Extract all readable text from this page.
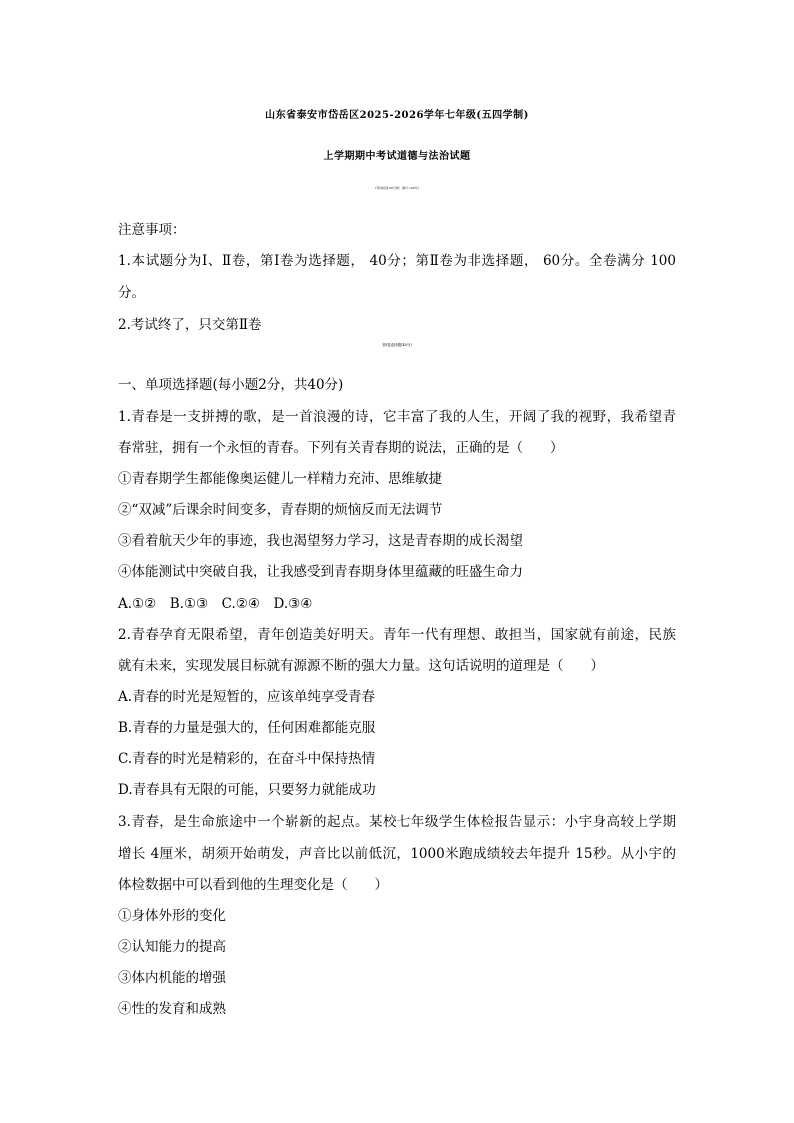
山东省泰安市岱岳区2025-2026学年七年级(五四学制)
上学期期中考试道德与法治试题
(考试时间 60分钟；满分 100分)
注意事项：
1.本试题分为Ⅰ、Ⅱ卷，第Ⅰ卷为选择题， 40分；第Ⅱ卷为非选择题， 60分。全卷满分 100
分。
2.考试终了，只交第Ⅱ卷
第Ⅰ卷选择题(40分)
一、单项选择题(每小题2分，共40分)
1.青春是一支拼搏的歌，是一首浪漫的诗，它丰富了我的人生，开阔了我的视野，我希望青
春常驻，拥有一个永恒的青春。下列有关青春期的说法，正确的是（　　）
①青春期学生都能像奥运健儿一样精力充沛、思维敏捷
②“双减”后课余时间变多，青春期的烦恼反而无法调节
③看着航天少年的事迹，我也渴望努力学习，这是青春期的成长渴望
④体能测试中突破自我，让我感受到青春期身体里蕴藏的旺盛生命力
A.①②　B.①③　C.②④　D.③④
2.青春孕育无限希望，青年创造美好明天。青年一代有理想、敢担当，国家就有前途，民族
就有未来，实现发展目标就有源源不断的强大力量。这句话说明的道理是（　　）
A.青春的时光是短暂的，应该单纯享受青春
B.青春的力量是强大的，任何困难都能克服
C.青春的时光是精彩的，在奋斗中保持热情
D.青春具有无限的可能，只要努力就能成功
3.青春，是生命旅途中一个崭新的起点。某校七年级学生体检报告显示：小宇身高较上学期
增长 4厘米，胡须开始萌发，声音比以前低沉，1000米跑成绩较去年提升 15秒。从小宇的
体检数据中可以看到他的生理变化是（　　）
①身体外形的变化
②认知能力的提高
③体内机能的增强
④性的发育和成熟
